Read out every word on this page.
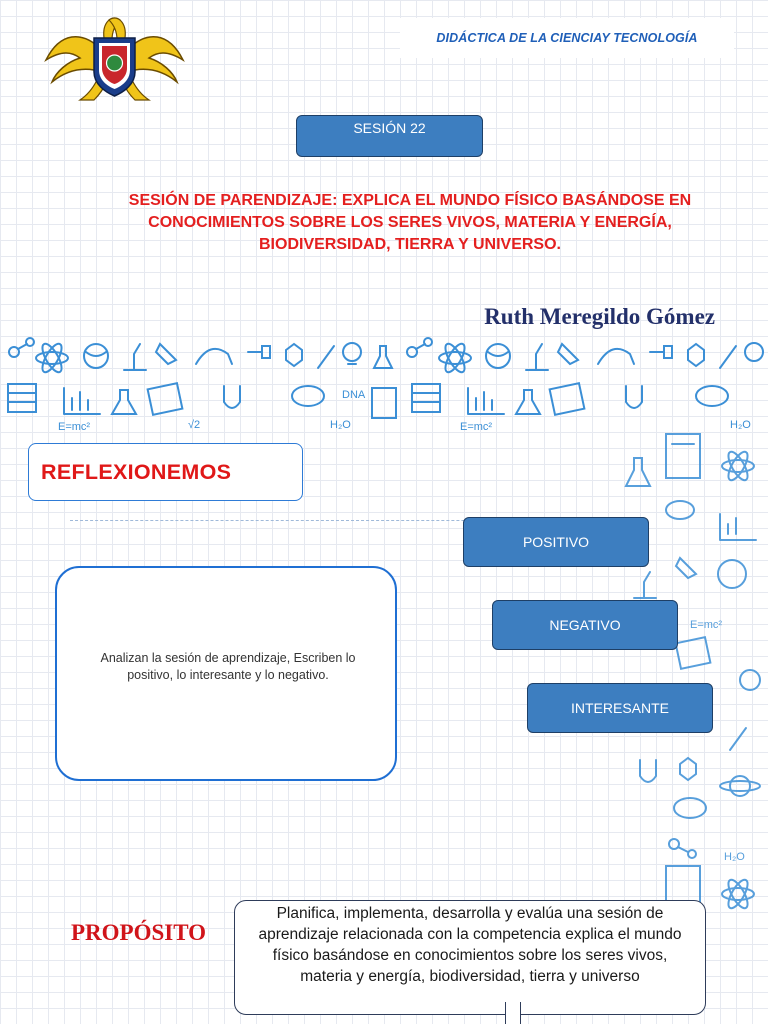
DIDÁCTICA DE LA CIENCIAY TECNOLOGÍA
SESIÓN 22
SESIÓN DE PARENDIZAJE: EXPLICA EL MUNDO FÍSICO BASÁNDOSE EN CONOCIMIENTOS SOBRE LOS SERES VIVOS, MATERIA Y ENERGÍA, BIODIVERSIDAD, TIERRA Y UNIVERSO.
Ruth Meregildo Gómez
E=mc²	E=mc²
√2	H₂O	H₂O
DNA
E=mc²
H₂O
REFLEXIONEMOS
Analizan la sesión de aprendizaje, Escriben lo positivo, lo interesante y lo negativo.
POSITIVO
NEGATIVO
INTERESANTE
PROPÓSITO
Planifica, implementa, desarrolla y evalúa una sesión de aprendizaje relacionada con la competencia explica el mundo físico basándose en conocimientos sobre los seres vivos, materia y energía, biodiversidad, tierra y universo
